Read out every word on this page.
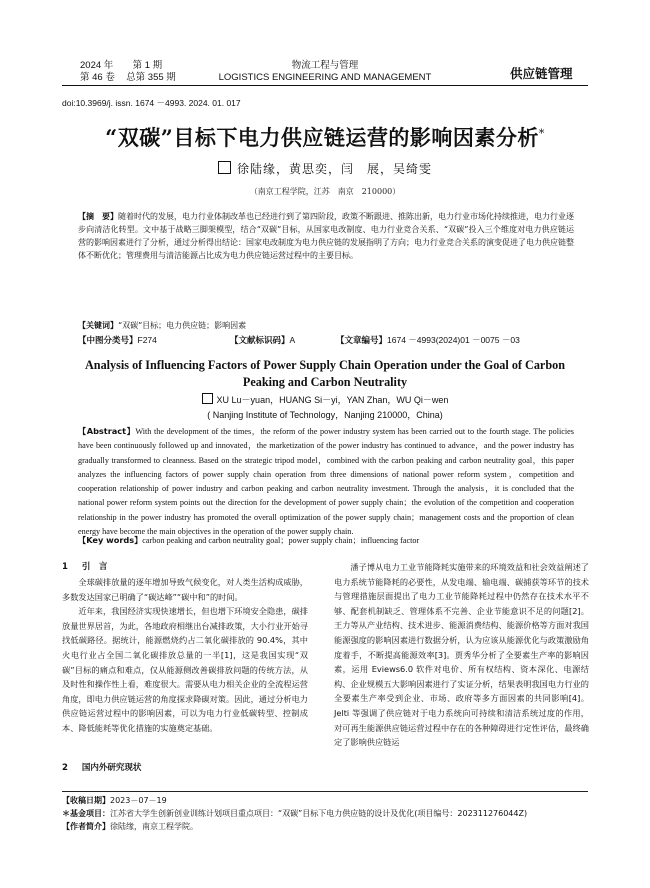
2024 年 第 1 期
第 46 卷 总第 355 期
物流工程与管理
LOGISTICS ENGINEERING AND MANAGEMENT	供应链管理
doi:10.3969/j. issn. 1674 －4993. 2024. 01. 017
“双碳”目标下电力供应链运营的影响因素分析*
徐陆缘，黄思奕，闫　展，吴绮雯
（南京工程学院，江苏　南京　210000）
【摘　要】随着时代的发展，电力行业体制改革也已经进行到了第四阶段，政策不断跟进、推陈出新，电力行业市场化持续推进，电力行业逐步向清洁化转型。文中基于战略三脚架模型，结合“双碳”目标，从国家电改制度、电力行业竞合关系、“双碳”投入三个维度对电力供应链运营的影响因素进行了分析，通过分析得出结论：国家电改制度为电力供应链的发展指明了方向；电力行业竞合关系的演变促进了电力供应链整体不断优化；管理费用与清洁能源占比成为电力供应链运营过程中的主要目标。
【关键词】“双碳”目标；电力供应链；影响因素
【中图分类号】F274	【文献标识码】A	【文章编号】1674 －4993(2024)01 －0075 －03
Analysis of Influencing Factors of Power Supply Chain Operation under the Goal of Carbon
Peaking and Carbon Neutrality
XU Lu－yuan，HUANG Si－yi，YAN Zhan，WU Qi－wen
( Nanjing Institute of Technology，Nanjing 210000，China)
【Abstract】With the development of the times，the reform of the power industry system has been carried out to the fourth stage. The policies have been continuously followed up and innovated，the marketization of the power industry has continued to advance，and the power industry has gradually transformed to cleanness. Based on the strategic tripod model，combined with the carbon peaking and carbon neutrality goal，this paper analyzes the influencing factors of power supply chain operation from three dimensions of national power reform system，competition and cooperation relationship of power industry and carbon peaking and carbon neutrality investment. Through the analysis，it is concluded that the national power reform system points out the direction for the development of power supply chain；the evolution of the competition and cooperation relationship in the power industry has promoted the overall optimization of the power supply chain；management costs and the proportion of clean energy have become the main objectives in the operation of the power supply chain.
【Key words】carbon peaking and carbon neutrality goal；power supply chain；influencing factor
1 引　言

全球碳排放量的逐年增加导致气候变化，对人类生活构成威胁，多数发达国家已明确了“碳达峰”“碳中和”的时间。

近年来，我国经济实现快速增长，但也增下环境安全隐患，碳排放量世界居首，为此，各地政府相继出台减排政策，大小行业开始寻找低碳路径。据统计，能源燃烧约占二氧化碳排放的 90.4%，其中火电行业占全国二氧化碳排放总量的一半[1]，这是我国实现“双碳”目标的痛点和难点，仅从能源侧改善碳排放问题的传统方法，从及时性和操作性上看，难度很大。需要从电力相关企业的全流程运营角度，即电力供应链运营的角度探求降碳对策。因此，通过分析电力供应链运营过程中的影响因素，可以为电力行业低碳转型、控制成本、降低能耗等优化措施的实施奠定基础。

2 国内外研究现状

潘子博从电力工业节能降耗实施带来的环境效益和社会效益阐述了电力系统节能降耗的必要性，从发电端、输电端、碳捕获等环节的技术与管理措施层面提出了电力工业节能降耗过程中仍然存在技术水平不够、配套机制缺乏、管理体系不完善、企业节能意识不足的问题[2]。王力等从产业结构、技术进步、能源消费结构、能源价格等方面对我国能源强度的影响因素进行数据分析，认为应该从能源优化与政策激励角度着手，不断提高能源效率[3]。贾秀华分析了全要素生产率的影响因素，运用 Eviews6.0 软件对电价、所有权结构、资本深化、电源结构、企业规模五大影响因素进行了实证分析，结果表明我国电力行业的全要素生产率受到企业、市场、政府等多方面因素的共同影响[4]。Jelti 等强调了供应链对于电力系统向可持续和清洁系统过度的作用，对可再生能源供应链运营过程中存在的各种障碍进行定性评估，最终确定了影响供应链运

【收稿日期】2023－07－19
＊基金项目：江苏省大学生创新创业训练计划项目重点项目：“双碳”目标下电力供应链的设计及优化(项目编号：202311276044Z)
【作者简介】徐陆缘，南京工程学院。
